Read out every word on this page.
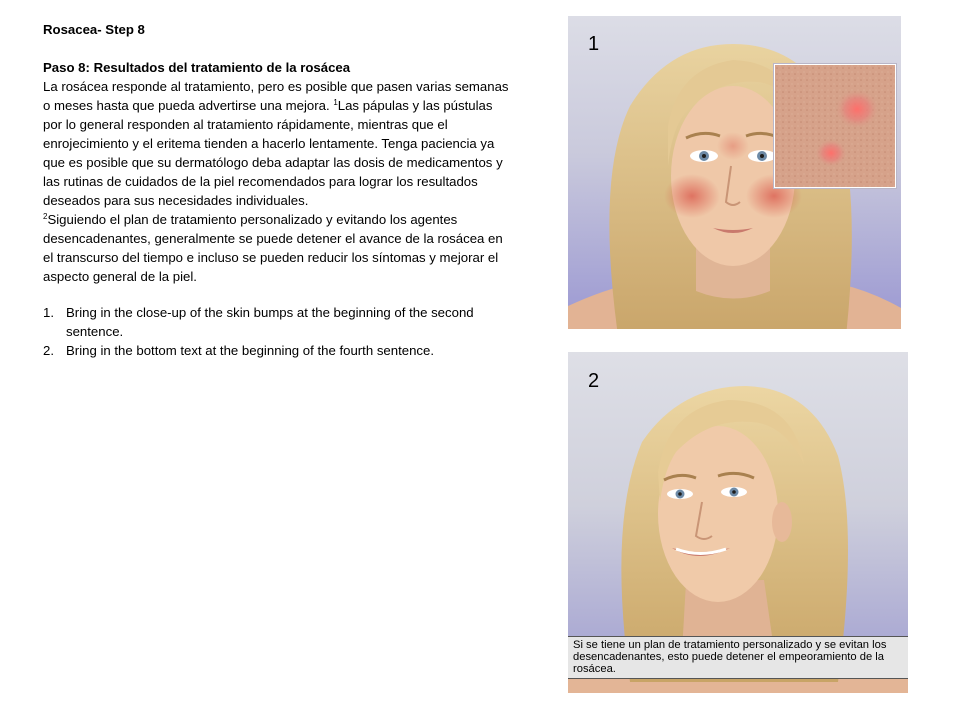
Rosacea- Step 8

Paso 8: Resultados del tratamiento de la rosácea

La rosácea responde al tratamiento, pero es posible que pasen varias semanas o meses hasta que pueda advertirse una mejora. $^1$Las pápulas y las pústulas por lo general responden al tratamiento rápidamente, mientras que el enrojecimiento y el eritema tienden a hacerlo lentamente. Tenga paciencia ya que es posible que su dermatólogo deba adaptar las dosis de medicamentos y las rutinas de cuidados de la piel recomendados para lograr los resultados deseados para sus necesidades individuales.

$^2$Siguiendo el plan de tratamiento personalizado y evitando los agentes desencadenantes, generalmente se puede detener el avance de la rosácea en el transcurso del tiempo e incluso se pueden reducir los síntomas y mejorar el aspecto general de la piel.

1. Bring in the close-up of the skin bumps at the beginning of the second sentence.
2. Bring in the bottom text at the beginning of the fourth sentence.
1
2
Si se tiene un plan de tratamiento personalizado y se evitan los desencadenantes, esto puede detener el empeoramiento de la rosácea.
